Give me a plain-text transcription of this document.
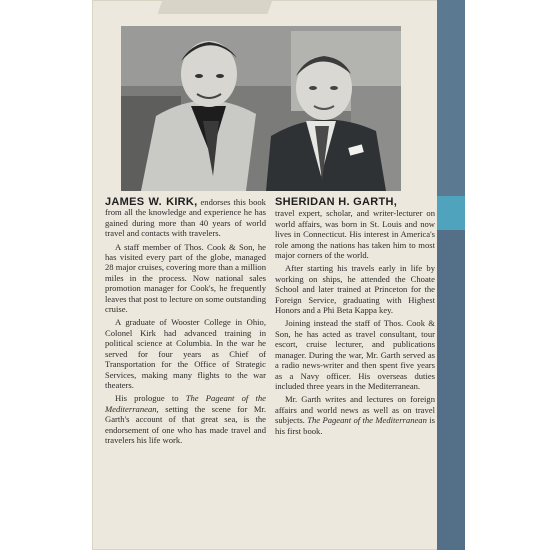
JAMES W. KIRK, endorses this book from all the knowledge and experience he has gained during more than 40 years of world travel and contacts with travelers.

A staff member of Thos. Cook & Son, he has visited every part of the globe, managed 28 major cruises, covering more than a million miles in the process. Now national sales promotion manager for Cook's, he frequently leaves that post to lecture on some outstanding cruise.

A graduate of Wooster College in Ohio, Colonel Kirk had advanced training in political science at Columbia. In the war he served for four years as Chief of Transportation for the Office of Strategic Services, making many flights to the war theaters.

His prologue to The Pageant of the Mediterranean, setting the scene for Mr. Garth's account of that great sea, is the endorsement of one who has made travel and travelers his life work.

SHERIDAN H. GARTH,
travel expert, scholar, and writer-lecturer on world affairs, was born in St. Louis and now lives in Connecticut. His interest in America's role among the nations has taken him to most major corners of the world.

After starting his travels early in life by working on ships, he attended the Choate School and later trained at Princeton for the Foreign Service, graduating with Highest Honors and a Phi Beta Kappa key.

Joining instead the staff of Thos. Cook & Son, he has acted as travel consultant, tour escort, cruise lecturer, and publications manager. During the war, Mr. Garth served as a radio news-writer and then spent five years as a Navy officer. His overseas duties included three years in the Mediterranean.

Mr. Garth writes and lectures on foreign affairs and world news as well as on travel subjects. The Pageant of the Mediterranean is his first book.
